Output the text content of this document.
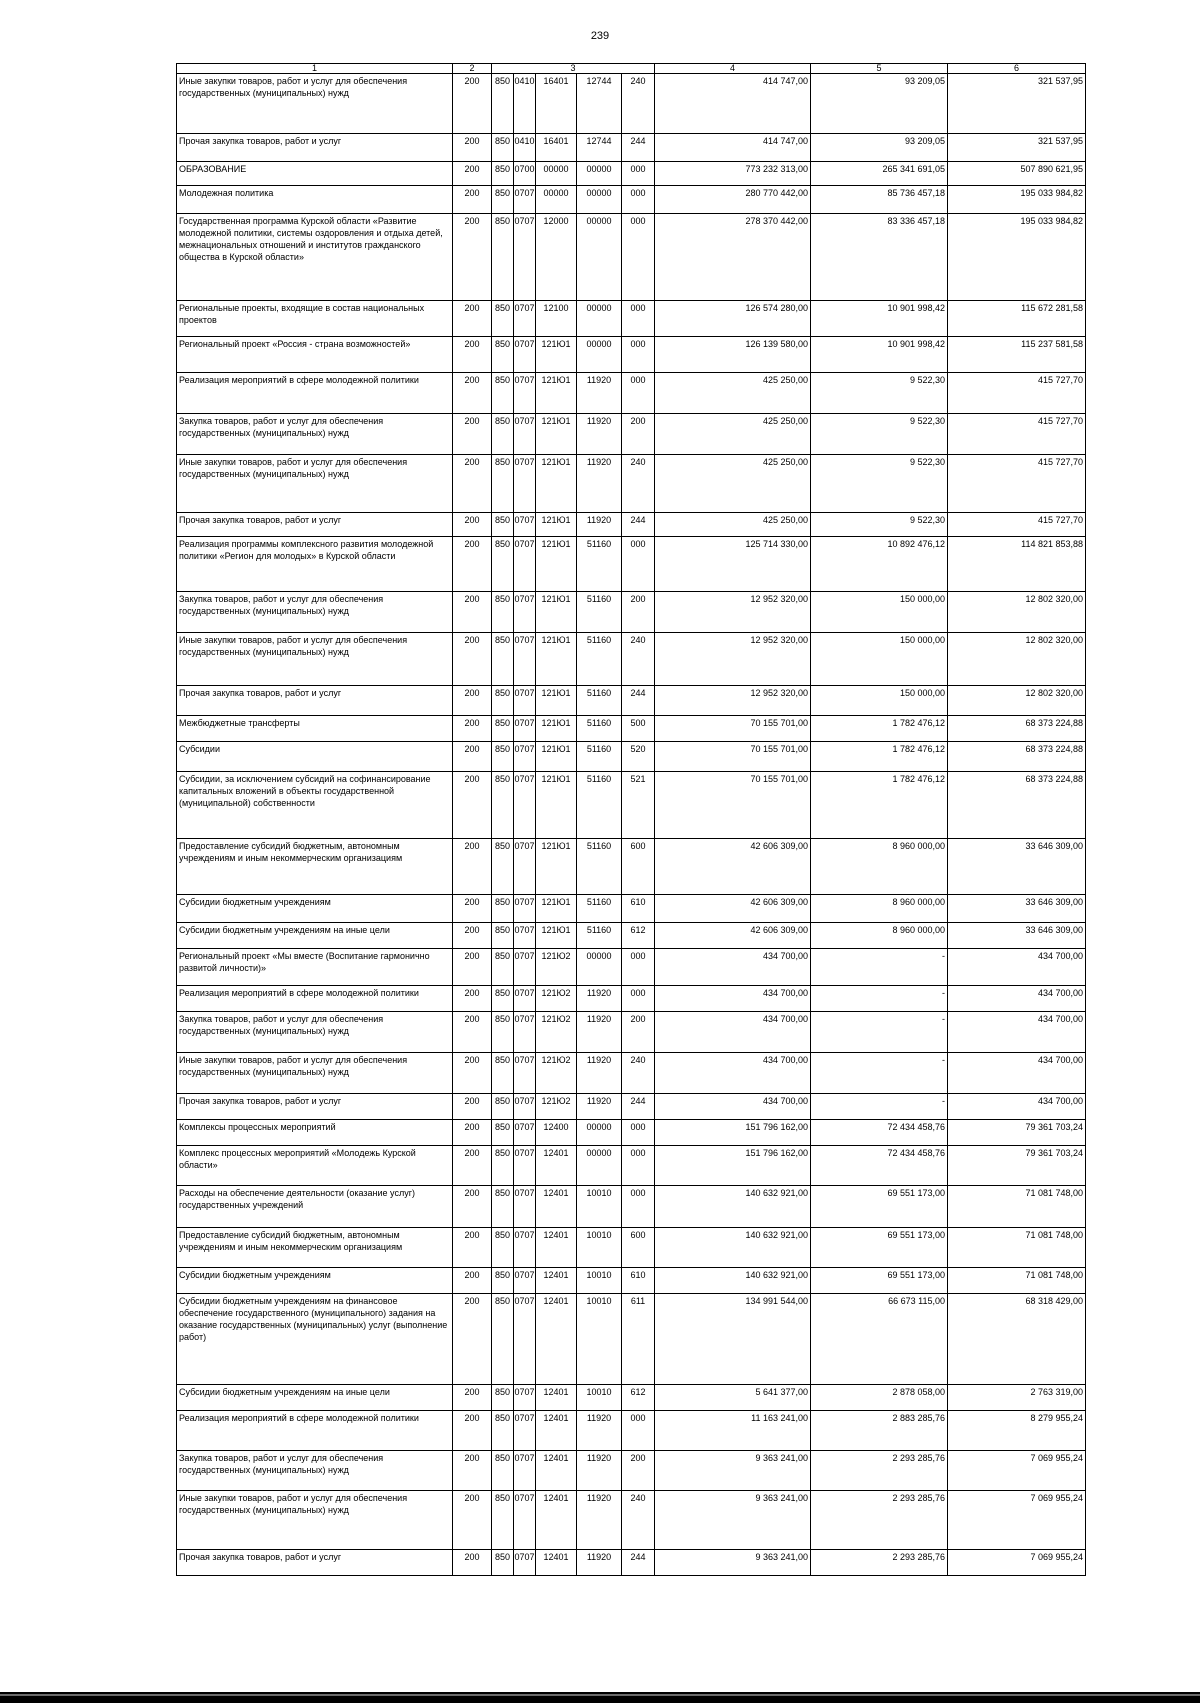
239
1	2	3					4	5	6
Иные закупки товаров, работ и услуг для обеспечения государственных (муниципальных) нужд	200	850	0410	16401	12744	240	414 747,00	93 209,05	321 537,95
Прочая закупка товаров, работ и услуг	200	850	0410	16401	12744	244	414 747,00	93 209,05	321 537,95
ОБРАЗОВАНИЕ	200	850	0700	00000	00000	000	773 232 313,00	265 341 691,05	507 890 621,95
Молодежная политика	200	850	0707	00000	00000	000	280 770 442,00	85 736 457,18	195 033 984,82
Государственная программа Курской области «Развитие молодежной политики, системы оздоровления и отдыха детей, межнациональных отношений и институтов гражданского общества в Курской области»	200	850	0707	12000	00000	000	278 370 442,00	83 336 457,18	195 033 984,82
Региональные проекты, входящие в состав национальных проектов	200	850	0707	12100	00000	000	126 574 280,00	10 901 998,42	115 672 281,58
Региональный проект «Россия - страна возможностей»	200	850	0707	121Ю1	00000	000	126 139 580,00	10 901 998,42	115 237 581,58
Реализация мероприятий в сфере молодежной политики	200	850	0707	121Ю1	11920	000	425 250,00	9 522,30	415 727,70
Закупка товаров, работ и услуг для обеспечения государственных (муниципальных) нужд	200	850	0707	121Ю1	11920	200	425 250,00	9 522,30	415 727,70
Иные закупки товаров, работ и услуг для обеспечения государственных (муниципальных) нужд	200	850	0707	121Ю1	11920	240	425 250,00	9 522,30	415 727,70
Прочая закупка товаров, работ и услуг	200	850	0707	121Ю1	11920	244	425 250,00	9 522,30	415 727,70
Реализация программы комплексного развития молодежной политики «Регион для молодых» в Курской области	200	850	0707	121Ю1	51160	000	125 714 330,00	10 892 476,12	114 821 853,88
Закупка товаров, работ и услуг для обеспечения государственных (муниципальных) нужд	200	850	0707	121Ю1	51160	200	12 952 320,00	150 000,00	12 802 320,00
Иные закупки товаров, работ и услуг для обеспечения государственных (муниципальных) нужд	200	850	0707	121Ю1	51160	240	12 952 320,00	150 000,00	12 802 320,00
Прочая закупка товаров, работ и услуг	200	850	0707	121Ю1	51160	244	12 952 320,00	150 000,00	12 802 320,00
Межбюджетные трансферты	200	850	0707	121Ю1	51160	500	70 155 701,00	1 782 476,12	68 373 224,88
Субсидии	200	850	0707	121Ю1	51160	520	70 155 701,00	1 782 476,12	68 373 224,88
Субсидии, за исключением субсидий на софинансирование капитальных вложений в объекты государственной (муниципальной) собственности	200	850	0707	121Ю1	51160	521	70 155 701,00	1 782 476,12	68 373 224,88
Предоставление субсидий бюджетным, автономным учреждениям и иным некоммерческим организациям	200	850	0707	121Ю1	51160	600	42 606 309,00	8 960 000,00	33 646 309,00
Субсидии бюджетным учреждениям	200	850	0707	121Ю1	51160	610	42 606 309,00	8 960 000,00	33 646 309,00
Субсидии бюджетным учреждениям на иные цели	200	850	0707	121Ю1	51160	612	42 606 309,00	8 960 000,00	33 646 309,00
Региональный проект «Мы вместе (Воспитание гармонично развитой личности)»	200	850	0707	121Ю2	00000	000	434 700,00	-	434 700,00
Реализация мероприятий в сфере молодежной политики	200	850	0707	121Ю2	11920	000	434 700,00	-	434 700,00
Закупка товаров, работ и услуг для обеспечения государственных (муниципальных) нужд	200	850	0707	121Ю2	11920	200	434 700,00	-	434 700,00
Иные закупки товаров, работ и услуг для обеспечения государственных (муниципальных) нужд	200	850	0707	121Ю2	11920	240	434 700,00	-	434 700,00
Прочая закупка товаров, работ и услуг	200	850	0707	121Ю2	11920	244	434 700,00	-	434 700,00
Комплексы процессных мероприятий	200	850	0707	12400	00000	000	151 796 162,00	72 434 458,76	79 361 703,24
Комплекс процессных мероприятий «Молодежь Курской области»	200	850	0707	12401	00000	000	151 796 162,00	72 434 458,76	79 361 703,24
Расходы на обеспечение деятельности (оказание услуг) государственных учреждений	200	850	0707	12401	10010	000	140 632 921,00	69 551 173,00	71 081 748,00
Предоставление субсидий бюджетным, автономным учреждениям и иным некоммерческим организациям	200	850	0707	12401	10010	600	140 632 921,00	69 551 173,00	71 081 748,00
Субсидии бюджетным учреждениям	200	850	0707	12401	10010	610	140 632 921,00	69 551 173,00	71 081 748,00
Субсидии бюджетным учреждениям на финансовое обеспечение государственного (муниципального) задания на оказание государственных (муниципальных) услуг (выполнение работ)	200	850	0707	12401	10010	611	134 991 544,00	66 673 115,00	68 318 429,00
Субсидии бюджетным учреждениям на иные цели	200	850	0707	12401	10010	612	5 641 377,00	2 878 058,00	2 763 319,00
Реализация мероприятий в сфере молодежной политики	200	850	0707	12401	11920	000	11 163 241,00	2 883 285,76	8 279 955,24
Закупка товаров, работ и услуг для обеспечения государственных (муниципальных) нужд	200	850	0707	12401	11920	200	9 363 241,00	2 293 285,76	7 069 955,24
Иные закупки товаров, работ и услуг для обеспечения государственных (муниципальных) нужд	200	850	0707	12401	11920	240	9 363 241,00	2 293 285,76	7 069 955,24
Прочая закупка товаров, работ и услуг	200	850	0707	12401	11920	244	9 363 241,00	2 293 285,76	7 069 955,24
